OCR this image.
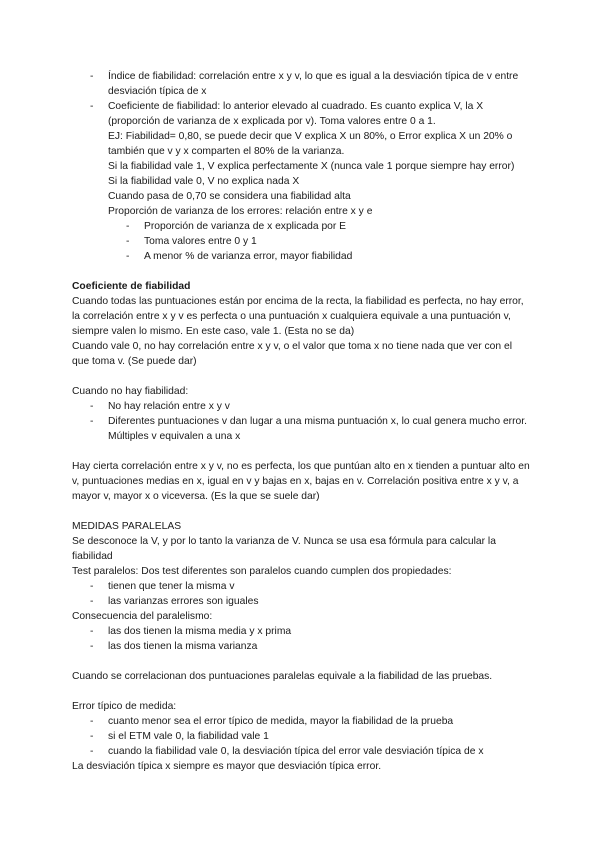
- Índice de fiabilidad: correlación entre x y v, lo que es igual a la desviación típica de v entre desviación típica de x
- Coeficiente de fiabilidad: lo anterior elevado al cuadrado. Es cuanto explica V, la X (proporción de varianza de x explicada por v). Toma valores entre 0 a 1.

EJ: Fiabilidad= 0,80, se puede decir que V explica X un 80%, o Error explica X un 20% o también que v y x comparten el 80% de la varianza.

Si la fiabilidad vale 1, V explica perfectamente X (nunca vale 1 porque siempre hay error)

Si la fiabilidad vale 0, V no explica nada X

Cuando pasa de 0,70 se considera una fiabilidad alta

Proporción de varianza de los errores: relación entre x y e

- Proporción de varianza de x explicada por E
- Toma valores entre 0 y 1
- A menor % de varianza error, mayor fiabilidad

Coeficiente de fiabilidad

Cuando todas las puntuaciones están por encima de la recta, la fiabilidad es perfecta, no hay error, la correlación entre x y v es perfecta o una puntuación x cualquiera equivale a una puntuación v, siempre valen lo mismo. En este caso, vale 1. (Esta no se da)

Cuando vale 0, no hay correlación entre x y v, o el valor que toma x no tiene nada que ver con el que toma v. (Se puede dar)

Cuando no hay fiabilidad:

- No hay relación entre x y v
- Diferentes puntuaciones v dan lugar a una misma puntuación x, lo cual genera mucho error. Múltiples v equivalen a una x

Hay cierta correlación entre x y v, no es perfecta, los que puntúan alto en x tienden a puntuar alto en v, puntuaciones medias en x, igual en v y bajas en x, bajas en v. Correlación positiva entre x y v, a mayor v, mayor x o viceversa. (Es la que se suele dar)

MEDIDAS PARALELAS

Se desconoce la V, y por lo tanto la varianza de V. Nunca se usa esa fórmula para calcular la fiabilidad

Test paralelos: Dos test diferentes son paralelos cuando cumplen dos propiedades:

- tienen que tener la misma v
- las varianzas errores son iguales

Consecuencia del paralelismo:

- las dos tienen la misma media y x prima
- las dos tienen la misma varianza

Cuando se correlacionan dos puntuaciones paralelas equivale a la fiabilidad de las pruebas.

Error típico de medida:

- cuanto menor sea el error típico de medida, mayor la fiabilidad de la prueba
- si el ETM vale 0, la fiabilidad vale 1
- cuando la fiabilidad vale 0, la desviación típica del error vale desviación típica de x

La desviación típica x siempre es mayor que desviación típica error.
